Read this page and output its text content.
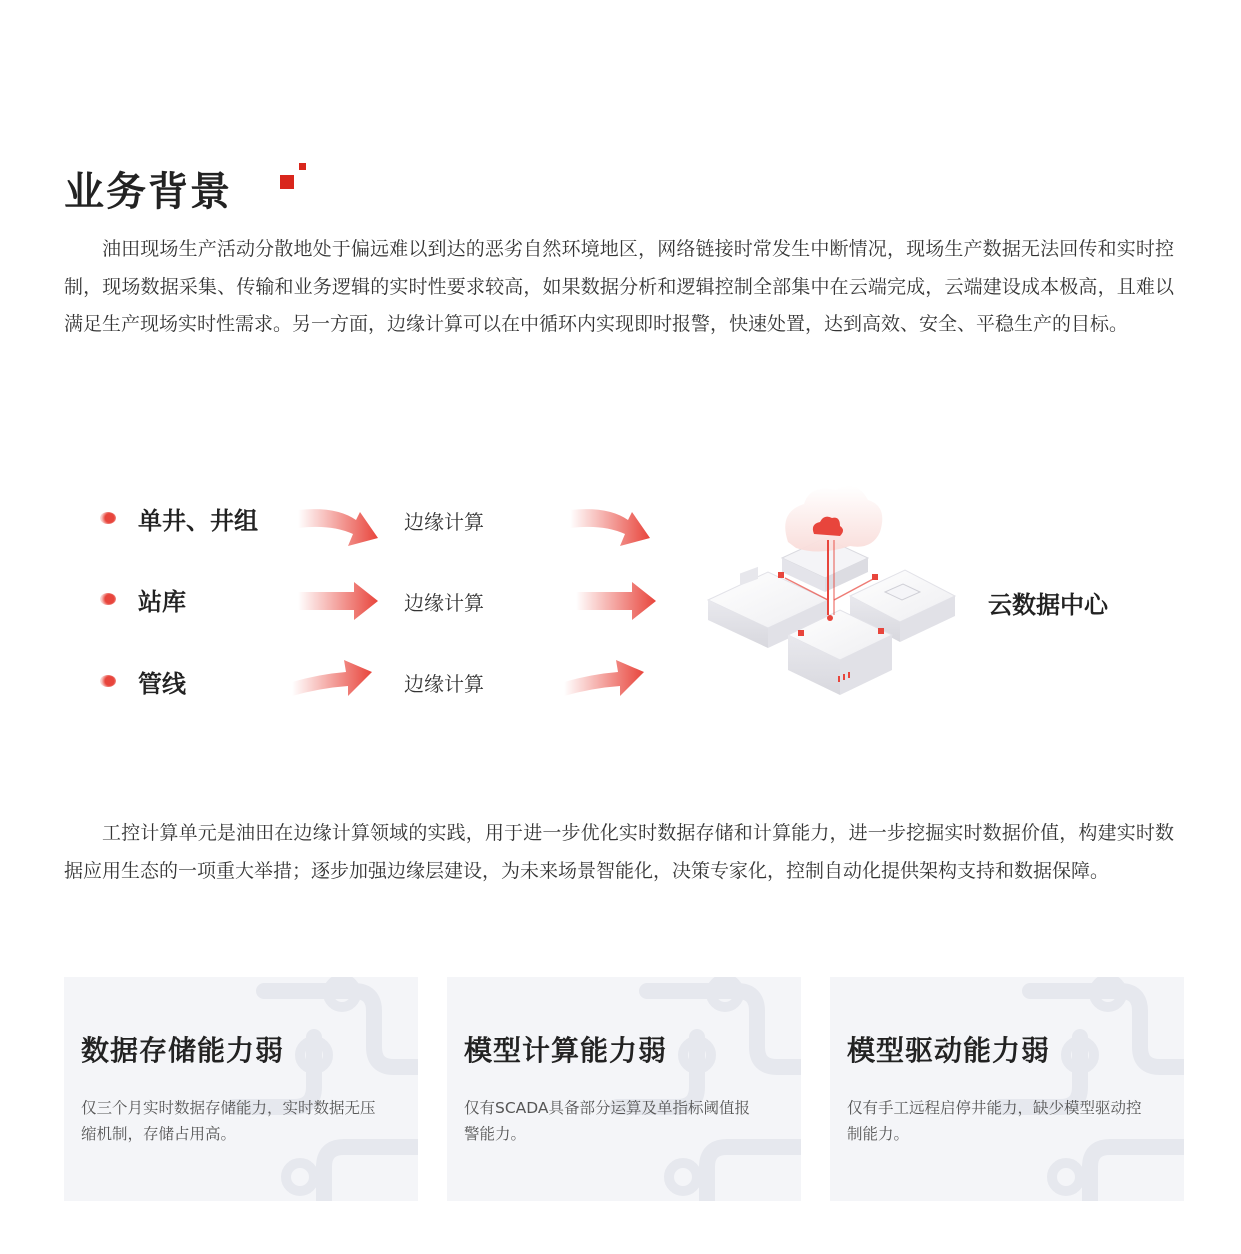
业务背景

油田现场生产活动分散地处于偏远难以到达的恶劣自然环境地区，网络链接时常发生中断情况，现场生产数据无法回传和实时控制，现场数据采集、传输和业务逻辑的实时性要求较高，如果数据分析和逻辑控制全部集中在云端完成，云端建设成本极高，且难以满足生产现场实时性需求。另一方面，边缘计算可以在中循环内实现即时报警，快速处置，达到高效、安全、平稳生产的目标。

单井、井组	边缘计算
站库	边缘计算
管线	边缘计算
云数据中心

工控计算单元是油田在边缘计算领域的实践，用于进一步优化实时数据存储和计算能力，进一步挖掘实时数据价值，构建实时数据应用生态的一项重大举措；逐步加强边缘层建设，为未来场景智能化，决策专家化，控制自动化提供架构支持和数据保障。

数据存储能力弱

仅三个月实时数据存储能力，实时数据无压缩机制，存储占用高。

模型计算能力弱

仅有SCADA具备部分运算及单指标阈值报警能力。

模型驱动能力弱

仅有手工远程启停井能力，缺少模型驱动控制能力。
